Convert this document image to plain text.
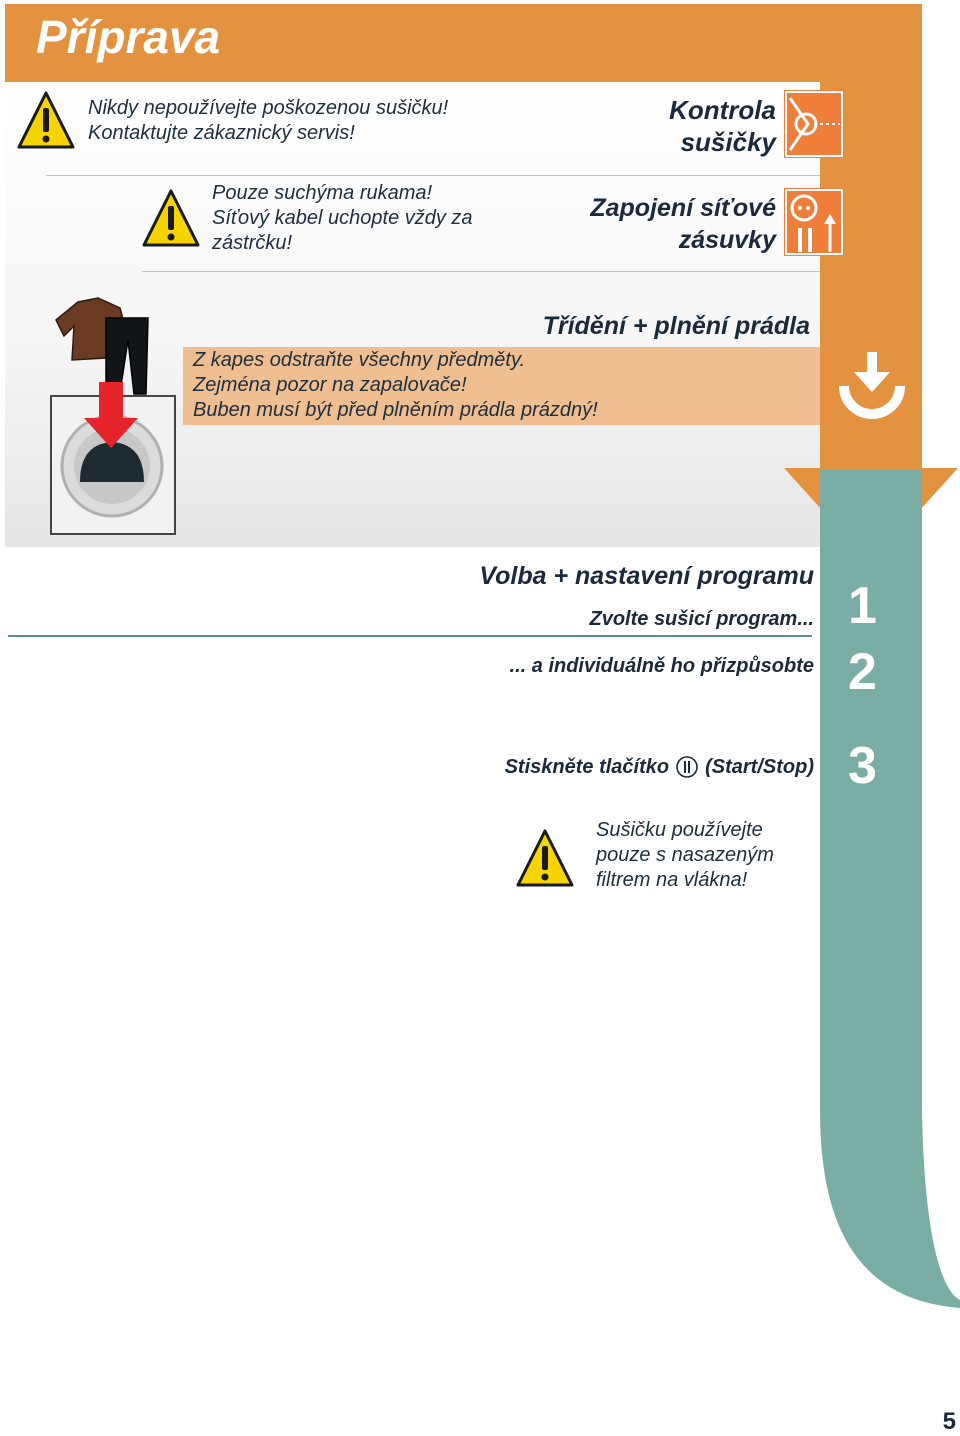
Příprava
1
2
3
Nikdy nepoužívejte poškozenou sušičku!
Kontaktujte zákaznický servis!
Kontrola
sušičky
Pouze suchýma rukama!
Síťový kabel uchopte vždy za
zástrčku!
Zapojení síťové
zásuvky
Třídění + plnění prádla
Z kapes odstraňte všechny předměty.
Zejména pozor na zapalovače!
Buben musí být před plněním prádla prázdný!
Volba + nastavení programu
Zvolte sušicí program...
... a individuálně ho přizpůsobte
Stiskněte tlačítko (Start/Stop)
Sušičku používejte
pouze s nasazeným
filtrem na vlákna!
5
